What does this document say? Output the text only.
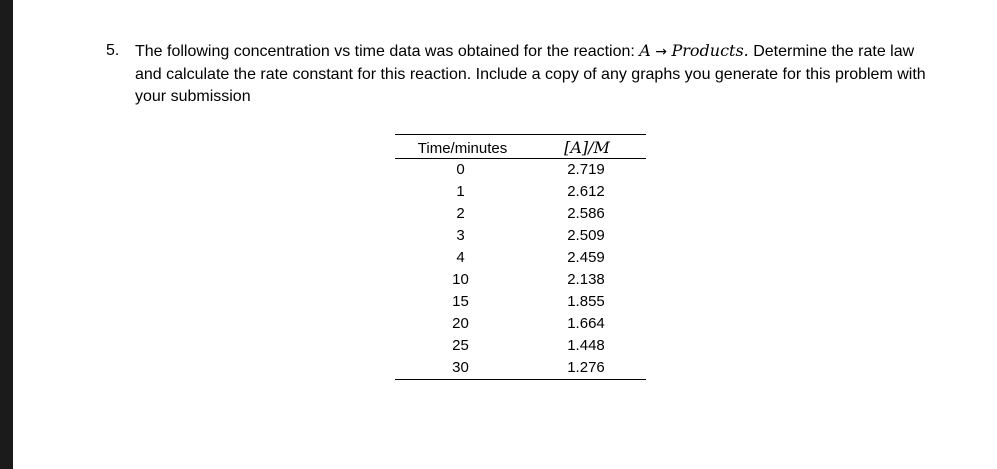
5. The following concentration vs time data was obtained for the reaction: A → Products. Determine the rate law and calculate the rate constant for this reaction. Include a copy of any graphs you generate for this problem with your submission
Time/minutes	[A]/M
0	2.719
1	2.612
2	2.586
3	2.509
4	2.459
10	2.138
15	1.855
20	1.664
25	1.448
30	1.276
